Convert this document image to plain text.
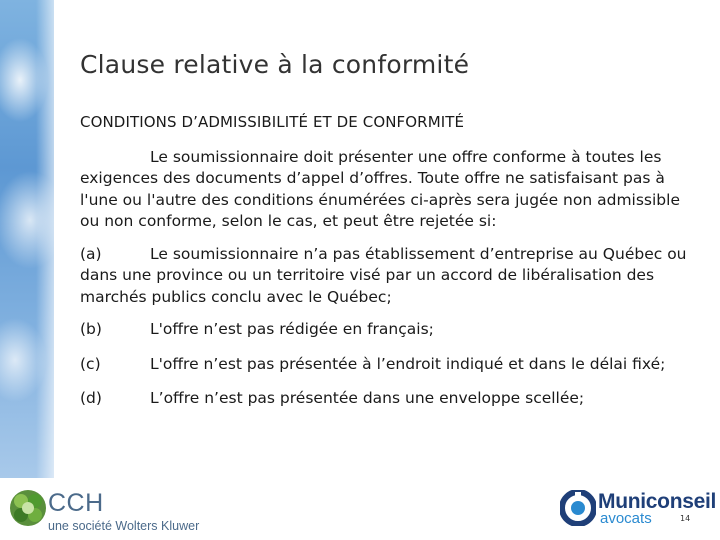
Clause relative à la conformité

CONDITIONS D’ADMISSIBILITÉ ET DE CONFORMITÉ

Le soumissionnaire doit présenter une offre conforme à toutes les exigences des documents d’appel d’offres. Toute offre ne satisfaisant pas à l'une ou l'autre des conditions énumérées ci-après sera jugée non admissible ou non conforme, selon le cas, et peut être rejetée si:

(a)	Le soumissionnaire n’a pas établissement d’entreprise au Québec ou dans une province ou un territoire visé par un accord de libéralisation des marchés publics conclu avec le Québec;

(b)	L'offre n’est pas rédigée en français;

(c)	L'offre n’est pas présentée à l’endroit indiqué et dans le délai fixé;

(d)	L’offre n’est pas présentée dans une enveloppe scellée;

CCH
une société Wolters Kluwer
Municonseil
avocats	14
